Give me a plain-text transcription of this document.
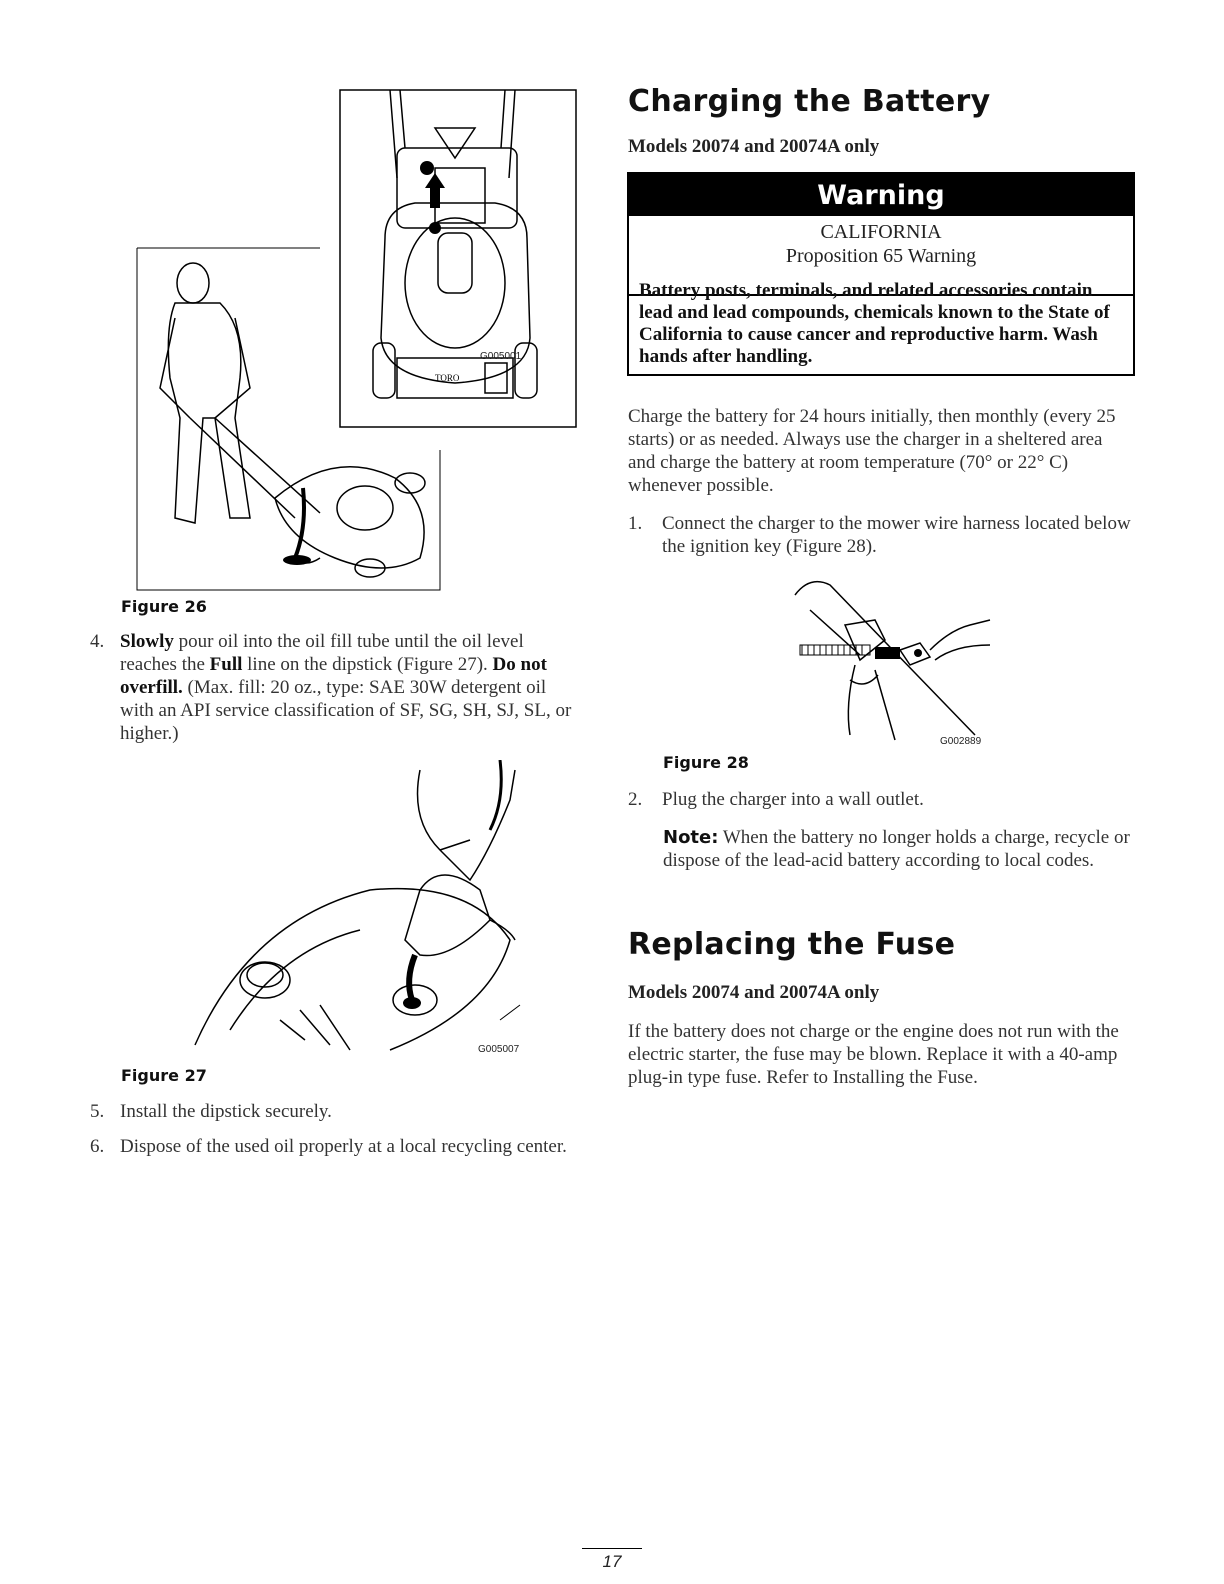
TORO
G005001
Figure 26
4. Slowly pour oil into the oil fill tube until the oil level reaches the Full line on the dipstick (Figure 27). Do not overfill. (Max. fill: 20 oz., type: SAE 30W detergent oil with an API service classification of SF, SG, SH, SJ, SL, or higher.)
G005007
Figure 27
5. Install the dipstick securely.
6. Dispose of the used oil properly at a local recycling center.
Charging the Battery
Models 20074 and 20074A only
Warning
CALIFORNIA
Proposition 65 Warning
Battery posts, terminals, and related accessories contain lead and lead compounds, chemicals known to the State of California to cause cancer and reproductive harm. Wash hands after handling.
Charge the battery for 24 hours initially, then monthly (every 25 starts) or as needed. Always use the charger in a sheltered area and charge the battery at room temperature (70° or 22° C) whenever possible.
1.	Connect the charger to the mower wire harness located below the ignition key (Figure 28).
G002889
Figure 28
2.	Plug the charger into a wall outlet.
Note: When the battery no longer holds a charge, recycle or dispose of the lead-acid battery according to local codes.
Replacing the Fuse
Models 20074 and 20074A only
If the battery does not charge or the engine does not run with the electric starter, the fuse may be blown. Replace it with a 40-amp plug-in type fuse. Refer to Installing the Fuse.
17
